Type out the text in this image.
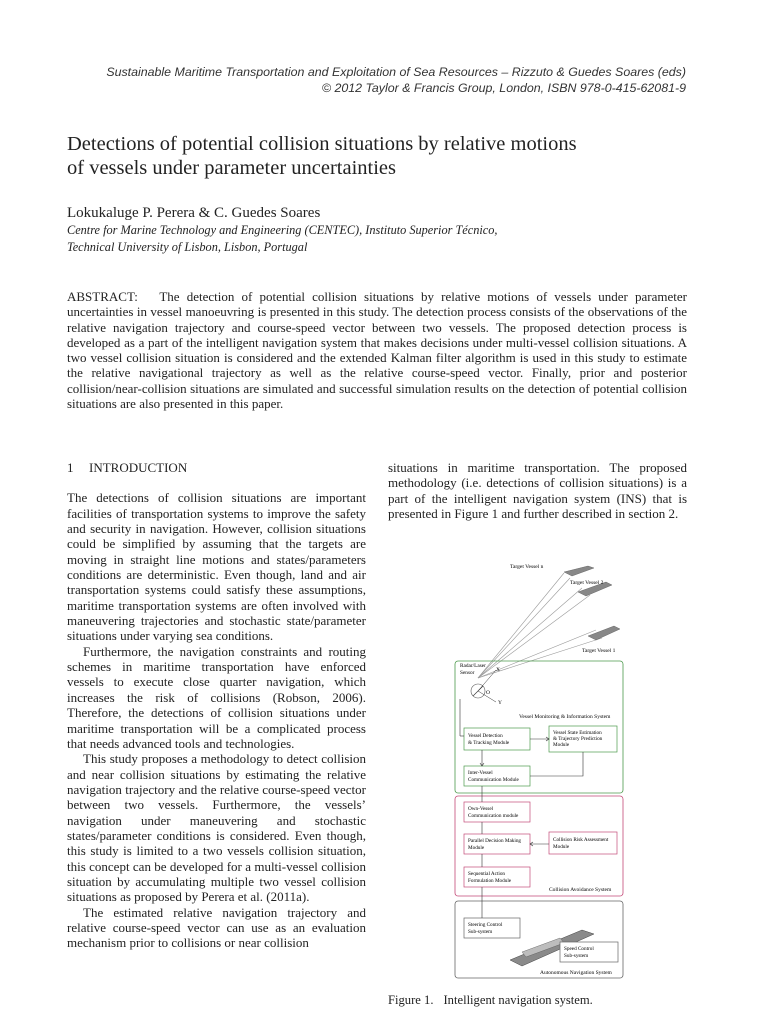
Sustainable Maritime Transportation and Exploitation of Sea Resources – Rizzuto & Guedes Soares (eds)
© 2012 Taylor & Francis Group, London, ISBN 978-0-415-62081-9
Detections of potential collision situations by relative motions
of vessels under parameter uncertainties
Lokukaluge P. Perera & C. Guedes Soares
Centre for Marine Technology and Engineering (CENTEC), Instituto Superior Técnico,
Technical University of Lisbon, Lisbon, Portugal
ABSTRACT: The detection of potential collision situations by relative motions of vessels under parameter uncertainties in vessel manoeuvring is presented in this study. The detection process consists of the observations of the relative navigation trajectory and course-speed vector between two vessels. The proposed detection process is developed as a part of the intelligent navigation system that makes decisions under multi-vessel collision situations. A two vessel collision situation is considered and the extended Kalman filter algorithm is used in this study to estimate the relative navigational trajectory as well as the relative course-speed vector. Finally, prior and posterior collision/near-collision situations are simulated and successful simulation results on the detection of potential collision situations are also presented in this paper.
1 INTRODUCTION

The detections of collision situations are important facilities of transportation systems to improve the safety and security in navigation. However, collision situations could be simplified by assuming that the targets are moving in straight line motions and states/parameters conditions are deterministic. Even though, land and air transportation systems could satisfy these assumptions, maritime transportation systems are often involved with maneuvering trajectories and stochastic state/parameter situations under varying sea conditions.

Furthermore, the navigation constraints and routing schemes in maritime transportation have enforced vessels to execute close quarter navigation, which increases the risk of collisions (Robson, 2006). Therefore, the detections of collision situations under maritime transportation will be a complicated process that needs advanced tools and technologies.

This study proposes a methodology to detect collision and near collision situations by estimating the relative navigation trajectory and the relative course-speed vector between two vessels. Furthermore, the vessels’ navigation under maneuvering and stochastic states/parameter conditions is considered. Even though, this study is limited to a two vessels collision situation, this concept can be developed for a multi-vessel collision situation by accumulating multiple two vessel collision situations as proposed by Perera et al. (2011a).

The estimated relative navigation trajectory and relative course-speed vector can use as an evaluation mechanism prior to collisions or near collision

situations in maritime transportation. The proposed methodology (i.e. detections of collision situations) is a part of the intelligent navigation system (INS) that is presented in Figure 1 and further described in section 2.

Target Vessel n
Target Vessel 2
Target Vessel 1
Radar/Laser
Sensor	X
O
Y
Vessel Monitoring & Information System
Vessel Detection
& Tracking Module
Vessel State Estimation
& Trajectory Prediction
Module
Inter-Vessel
Communication Module
Own-Vessel
Communication module
Parallel Decision Making
Module
Collision Risk Assessment
Module
Sequential Action
Formulation Module
Collision Avoidance System
Steering Control
Sub-system
Speed Control
Sub-system
Autonomous Navigation System
Figure 1. Intelligent navigation system.
